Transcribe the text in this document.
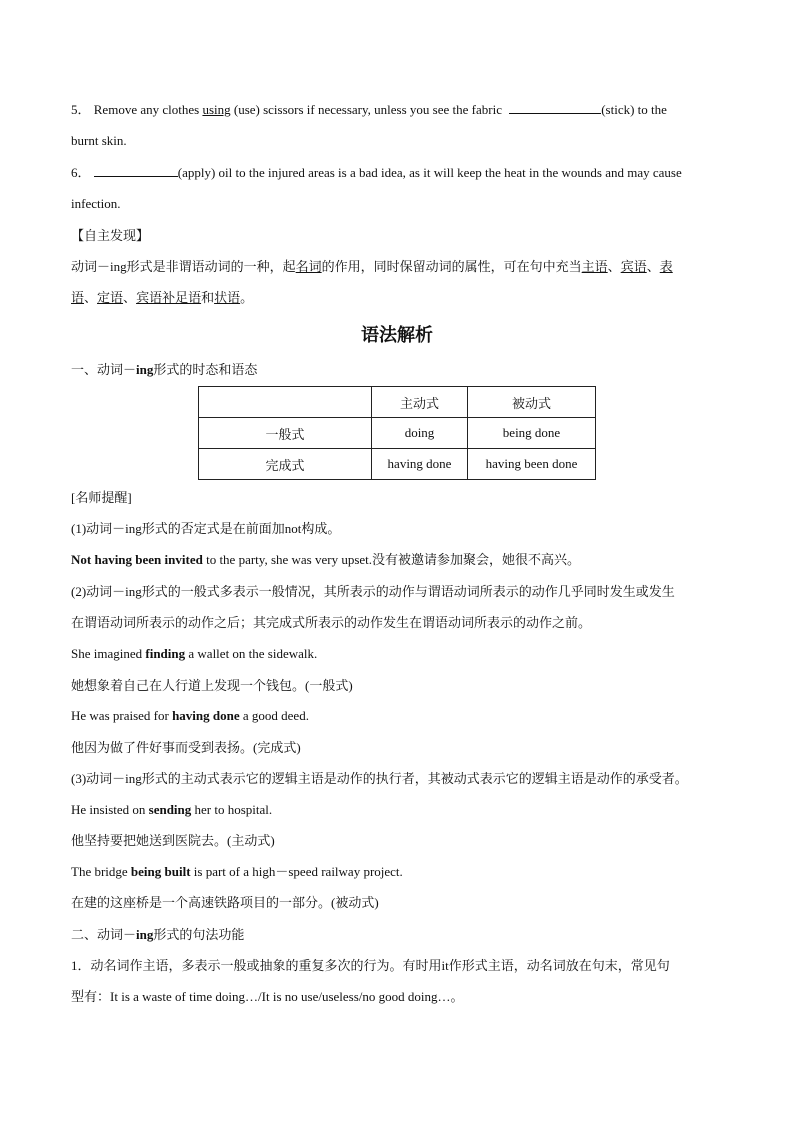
5． Remove any clothes using (use) scissors if necessary, unless you see the fabric	(stick) to the
burnt skin.
6．	(apply) oil to the injured areas is a bad idea, as it will keep the heat in the wounds and may cause
infection.
【自主发现】
动词－ing形式是非谓语动词的一种，起名词的作用，同时保留动词的属性，可在句中充当主语、宾语、表
语、定语、宾语补足语和状语。
语法解析
一、动词－ing形式的时态和语态
	主动式	被动式
一般式	doing	being done
完成式	having done	having been done
[名师提醒]
(1)动词－ing形式的否定式是在前面加not构成。
Not having been invited to the party, she was very upset.没有被邀请参加聚会，她很不高兴。
(2)动词－ing形式的一般式多表示一般情况，其所表示的动作与谓语动词所表示的动作几乎同时发生或发生
在谓语动词所表示的动作之后；其完成式所表示的动作发生在谓语动词所表示的动作之前。
She imagined finding a wallet on the sidewalk.
她想象着自己在人行道上发现一个钱包。(一般式)
He was praised for having done a good deed.
他因为做了件好事而受到表扬。(完成式)
(3)动词－ing形式的主动式表示它的逻辑主语是动作的执行者，其被动式表示它的逻辑主语是动作的承受者。
He insisted on sending her to hospital.
他坚持要把她送到医院去。(主动式)
The bridge being built is part of a high－speed railway project.
在建的这座桥是一个高速铁路项目的一部分。(被动式)
二、动词－ing形式的句法功能
1．动名词作主语，多表示一般或抽象的重复多次的行为。有时用it作形式主语，动名词放在句末，常见句
型有：It is a waste of time doing…/It is no use/useless/no good doing…。
